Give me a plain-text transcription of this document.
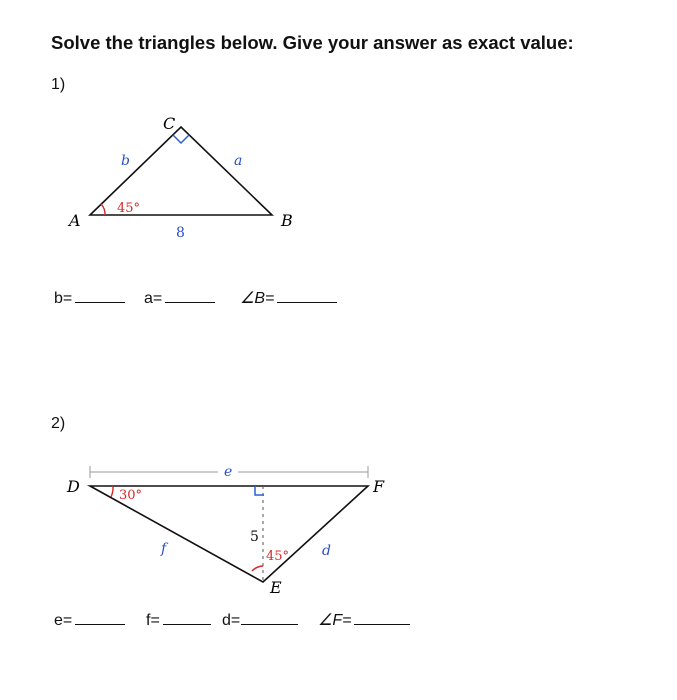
Solve the triangles below. Give your answer as exact value:
1)
A	B
C
b	a
8
45°
e
D	F
E
30°
45°
5
f	d
b=	a=	∠B=
2)
e=	f=	d=	∠F=
